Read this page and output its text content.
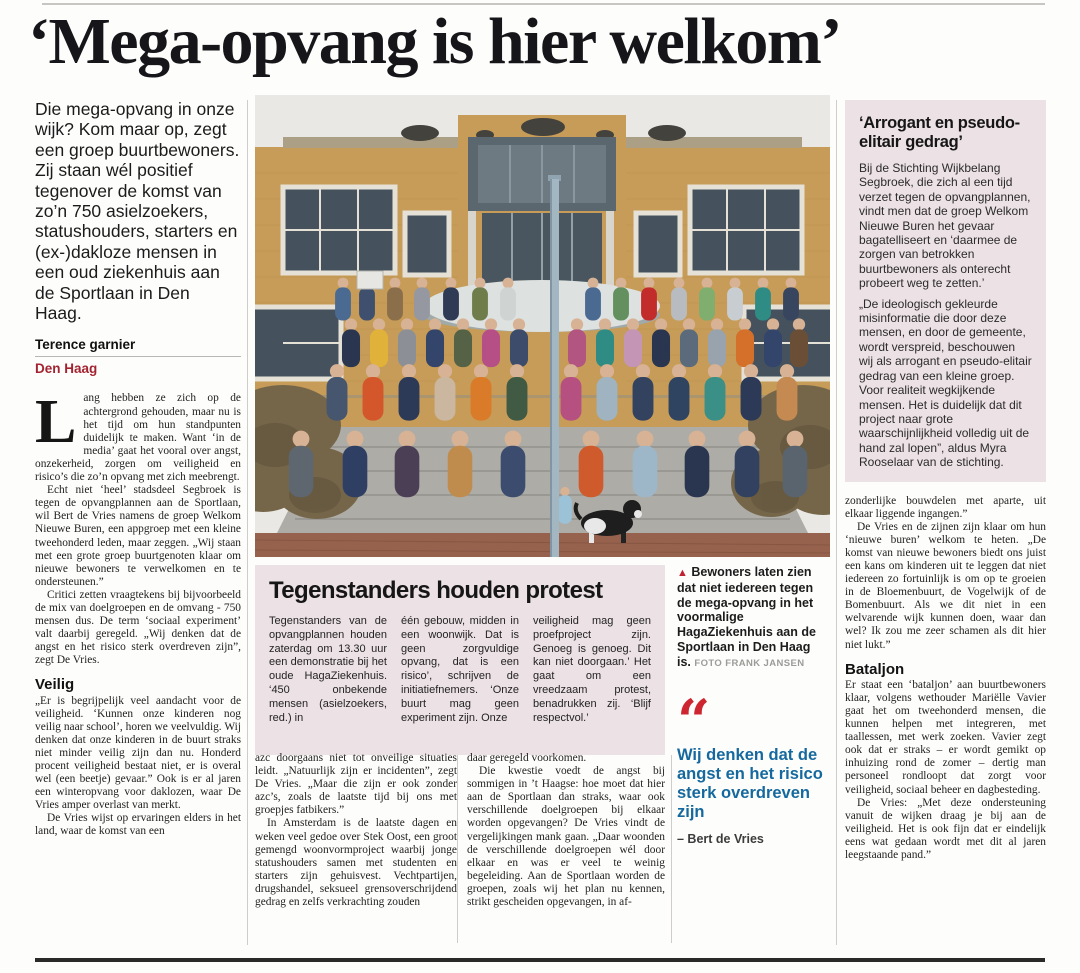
‘Mega-opvang is hier welkom’

Die mega-opvang in onze wijk? Kom maar op, zegt een groep buurtbewoners. Zij staan wél positief tegenover de komst van zo’n 750 asielzoekers, statushouders, starters en (ex-)dakloze mensen in een oud ziekenhuis aan de Sportlaan in Den Haag.

Terence garnier
Den Haag

Lang hebben ze zich op de achtergrond gehouden, maar nu is het tijd om hun standpunten duidelijk te maken. Want ‘in de media’ gaat het vooral over angst, onzekerheid, zorgen om veiligheid en risico’s die zo’n opvang met zich meebrengt.

Echt niet ‘heel’ stadsdeel Segbroek is tegen de opvangplannen aan de Sportlaan, wil Bert de Vries namens de groep Welkom Nieuwe Buren, een appgroep met een kleine tweehonderd leden, maar zeggen. „Wij staan met een grote groep buurtgenoten klaar om nieuwe bewoners te verwelkomen en te ondersteunen.”

Critici zetten vraagtekens bij bijvoorbeeld de mix van doelgroepen en de omvang - 750 mensen dus. De term ‘sociaal experiment’ valt daarbij geregeld. „Wij denken dat de angst en het risico sterk overdreven zijn”, zegt De Vries.

Veilig

„Er is begrijpelijk veel aandacht voor de veiligheid. ‘Kunnen onze kinderen nog veilig naar school’, horen we veelvuldig. Wij denken dat onze kinderen in de buurt straks niet minder veilig zijn dan nu. Honderd procent veiligheid bestaat niet, er is overal wel (een beetje) gevaar.” Ook is er al jaren een winteropvang voor daklozen, waar De Vries amper overlast van merkt.

De Vries wijst op ervaringen elders in het land, waar de komst van een

Tegenstanders houden protest

Tegenstanders van de opvangplannen houden zaterdag om 13.30 uur een demonstratie bij het oude HagaZiekenhuis. ‘450 onbekende mensen (asielzoekers, red.) in

één gebouw, midden in een woonwijk. Dat is geen zorgvuldige opvang, dat is een risico’, schrijven de initiatiefnemers. ‘Onze buurt mag geen experiment zijn. Onze

veiligheid mag geen proefproject zijn. Genoeg is genoeg. Dit kan niet doorgaan.’ Het gaat om een vreedzaam protest, benadrukken zij. ‘Blijf respectvol.’

azc doorgaans niet tot onveilige situaties leidt. „Natuurlijk zijn er incidenten”, zegt De Vries. „Maar die zijn er ook zonder azc’s, zoals de laatste tijd bij ons met groepjes fatbikers.”

In Amsterdam is de laatste dagen en weken veel gedoe over Stek Oost, een groot gemengd woonvormproject waarbij jonge statushouders samen met studenten en starters zijn gehuisvest. Vechtpartijen, drugshandel, seksueel grensoverschrijdend gedrag en zelfs verkrachting zouden

daar geregeld voorkomen.

Die kwestie voedt de angst bij sommigen in ’t Haagse: hoe moet dat hier aan de Sportlaan dan straks, waar ook verschillende doelgroepen bij elkaar worden opgevangen? De Vries vindt de vergelijkingen mank gaan. „Daar woonden de verschillende doelgroepen wél door elkaar en was er veel te weinig begeleiding. Aan de Sportlaan worden de groepen, zoals wij het plan nu kennen, strikt gescheiden opgevangen, in af-

▲ Bewoners laten zien dat niet iedereen tegen de mega-opvang in het voormalige HagaZiekenhuis aan de Sportlaan in Den Haag is. FOTO FRANK JANSEN

“
Wij denken dat de angst en het risico sterk overdreven zijn
– Bert de Vries
‘Arrogant en pseudo-elitair gedrag’

Bij de Stichting Wijkbelang Segbroek, die zich al een tijd verzet tegen de opvangplannen, vindt men dat de groep Welkom Nieuwe Buren het gevaar bagatelliseert en ‘daarmee de zorgen van betrokken buurtbewoners als onterecht probeert weg te zetten.’

„De ideologisch gekleurde misinformatie die door deze mensen, en door de gemeente, wordt verspreid, beschouwen wij als arrogant en pseudo-elitair gedrag van een kleine groep. Voor realiteit wegkijkende mensen. Het is duidelijk dat dit project naar grote waarschijnlijkheid volledig uit de hand zal lopen”, aldus Myra Rooselaar van de stichting.

zonderlijke bouwdelen met aparte, uit elkaar liggende ingangen.”

De Vries en de zijnen zijn klaar om hun ‘nieuwe buren’ welkom te heten. „De komst van nieuwe bewoners biedt ons juist een kans om kinderen uit te leggen dat niet iedereen zo fortuinlijk is om op te groeien in de Bloemenbuurt, de Vogelwijk of de Bomenbuurt. Als we dit niet in een welvarende wijk kunnen doen, waar dan wel? Ik zou me zeer schamen als dit hier niet lukt.”

Bataljon

Er staat een ‘bataljon’ aan buurtbewoners klaar, volgens wethouder Mariëlle Vavier gaat het om tweehonderd mensen, die kunnen helpen met integreren, met taallessen, met werk zoeken. Vavier zegt ook dat er straks – er wordt gemikt op inhuizing rond de zomer – dertig man personeel rondloopt dat zorgt voor veiligheid, sociaal beheer en dagbesteding.

De Vries: „Met deze ondersteuning vanuit de wijken draag je bij aan de veiligheid. Het is ook fijn dat er eindelijk eens wat gedaan wordt met dit al jaren leegstaande pand.”
